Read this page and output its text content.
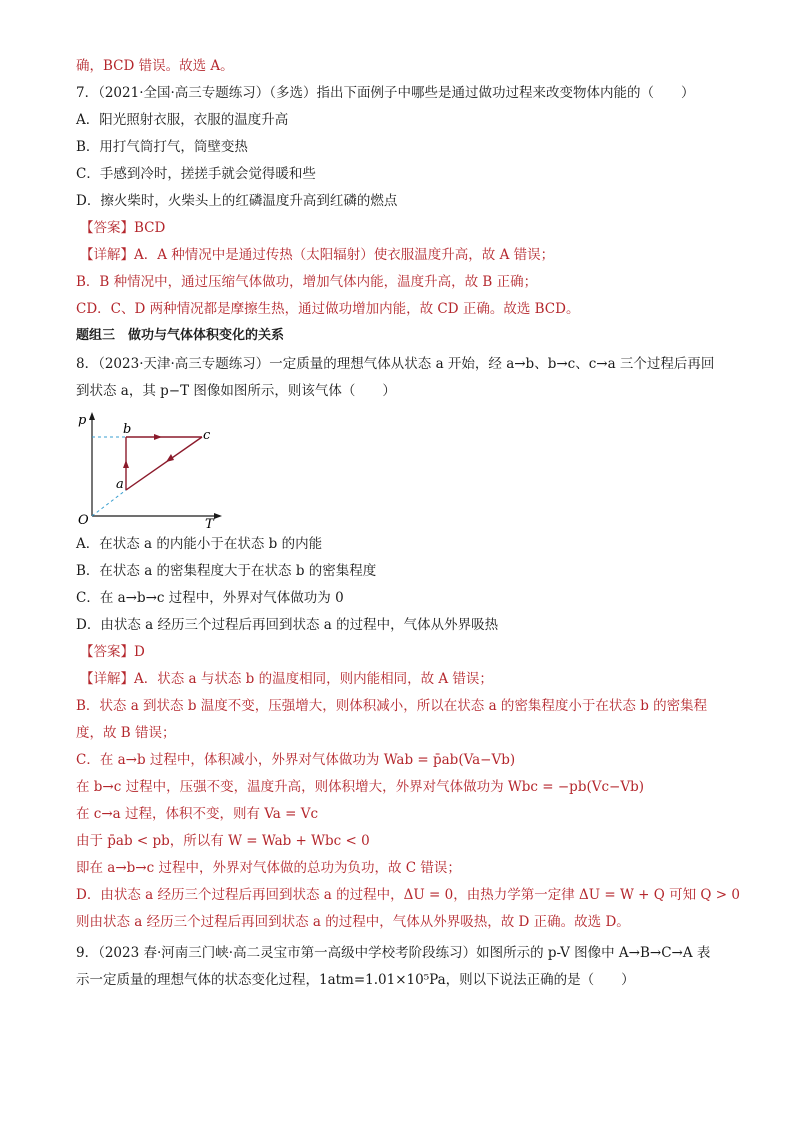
确，BCD 错误。故选 A。
7．（2021·全国·高三专题练习）（多选）指出下面例子中哪些是通过做功过程来改变物体内能的（　　）
A．阳光照射衣服，衣服的温度升高
B．用打气筒打气，筒壁变热
C．手感到冷时，搓搓手就会觉得暖和些
D．擦火柴时，火柴头上的红磷温度升高到红磷的燃点
【答案】BCD
【详解】A．A 种情况中是通过传热（太阳辐射）使衣服温度升高，故 A 错误；
B．B 种情况中，通过压缩气体做功，增加气体内能，温度升高，故 B 正确；
CD．C、D 两种情况都是摩擦生热，通过做功增加内能，故 CD 正确。故选 BCD。
题组三　做功与气体体积变化的关系
8．（2023·天津·高三专题练习）一定质量的理想气体从状态 a 开始，经 a→b、b→c、c→a 三个过程后再回
到状态 a，其 p−T 图像如图所示，则该气体（　　）
p
T
O
a
b	c
A．在状态 a 的内能小于在状态 b 的内能
B．在状态 a 的密集程度大于在状态 b 的密集程度
C．在 a→b→c 过程中，外界对气体做功为 0
D．由状态 a 经历三个过程后再回到状态 a 的过程中，气体从外界吸热
【答案】D
【详解】A．状态 a 与状态 b 的温度相同，则内能相同，故 A 错误；
B．状态 a 到状态 b 温度不变，压强增大，则体积减小，所以在状态 a 的密集程度小于在状态 b 的密集程
度，故 B 错误；
C．在 a→b 过程中，体积减小，外界对气体做功为 Wab = p̄ab(Va−Vb)
在 b→c 过程中，压强不变，温度升高，则体积增大，外界对气体做功为 Wbc = −pb(Vc−Vb)
在 c→a 过程，体积不变，则有 Va = Vc
由于 p̄ab < pb，所以有 W = Wab + Wbc < 0
即在 a→b→c 过程中，外界对气体做的总功为负功，故 C 错误；
D．由状态 a 经历三个过程后再回到状态 a 的过程中，ΔU = 0，由热力学第一定律 ΔU = W + Q 可知 Q > 0
则由状态 a 经历三个过程后再回到状态 a 的过程中，气体从外界吸热，故 D 正确。故选 D。
9．（2023 春·河南三门峡·高二灵宝市第一高级中学校考阶段练习）如图所示的 p-V 图像中 A→B→C→A 表
示一定质量的理想气体的状态变化过程，1atm=1.01×10⁵Pa，则以下说法正确的是（　　）
